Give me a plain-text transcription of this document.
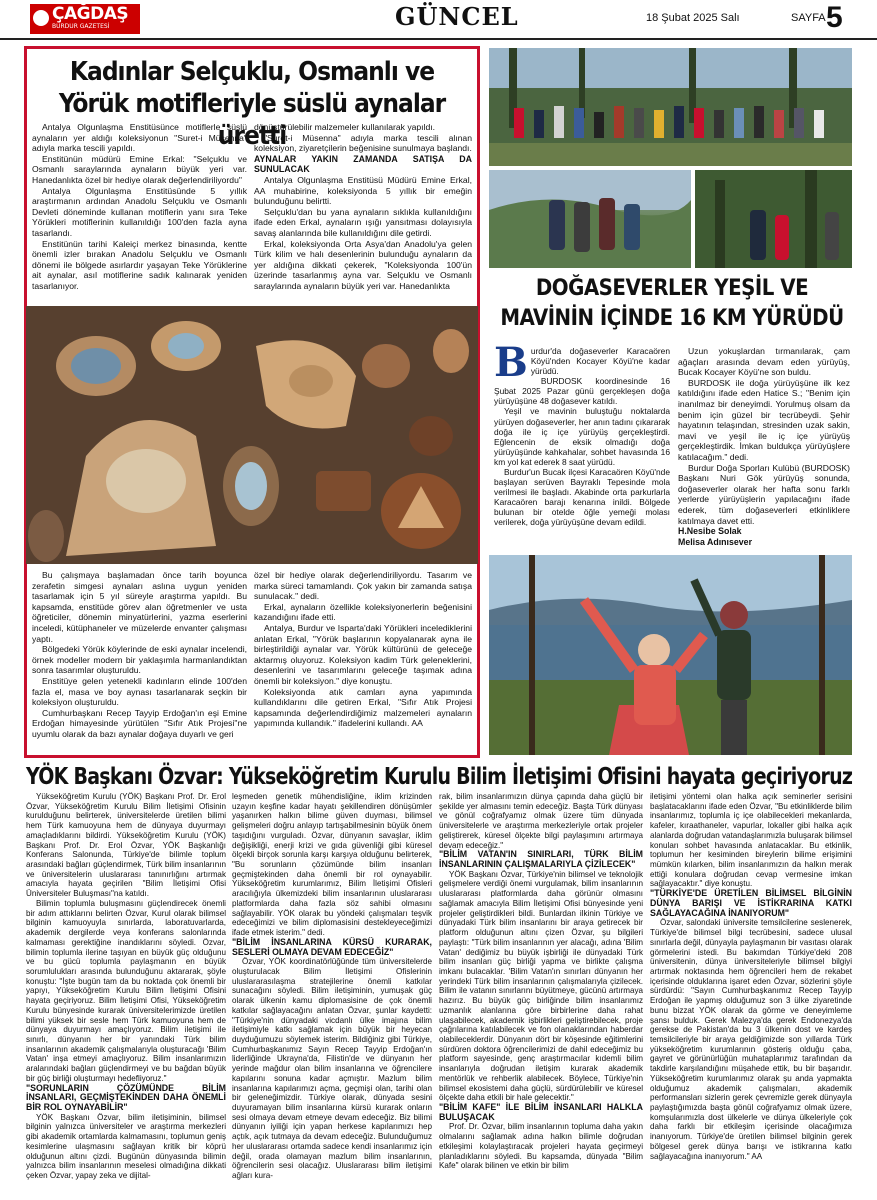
ÇAĞDAŞ
BURDUR GAZETESİ	GÜNCEL	18 Şubat 2025 Salı	SAYFA 5
Kadınlar Selçuklu, Osmanlı ve Yörük motifleriyle süslü aynalar üretti

Antalya Olgunlaşma Enstitüsünce motiflerle süslü aynaların yer aldığı koleksiyonun "Suret-i Müsenna" adıyla marka tescili yapıldı.

Enstitünün müdürü Emine Erkal: "Selçuklu ve Osmanlı saraylarında aynaların büyük yeri var. Hanedanlıkta özel bir hediye olarak değerlendiriliyordu"

Antalya Olgunlaşma Enstitüsünde 5 yıllık araştırmanın ardından Anadolu Selçuklu ve Osmanlı Devleti döneminde kullanan motiflerin yanı sıra Teke Yörükleri motiflerinin kullanıldığı 100'den fazla ayna tasarlandı.

Enstitünün tarihi Kaleiçi merkez binasında, kentte önemli izler bırakan Anadolu Selçuklu ve Osmanlı dönemi ile bölgede asırlardır yaşayan Teke Yörüklerine ait aynalar, asıl motiflerine sadık kalınarak yeniden tasarlanıyor.

dönüştürülebilir malzemeler kullanılarak yapıldı.

"Suret-i Müsenna" adıyla marka tescili alınan koleksiyon, ziyaretçilerin beğenisine sunulmaya başlandı.

AYNALAR YAKIN ZAMANDA SATIŞA DA SUNULACAK

Antalya Olgunlaşma Enstitüsü Müdürü Emine Erkal, AA muhabirine, koleksiyonda 5 yıllık bir emeğin bulunduğunu belirtti.

Selçuklu'dan bu yana aynaların sıklıkla kullanıldığını ifade eden Erkal, aynaların ışığı yansıtması dolayısıyla savaş alanlarında bile kullanıldığını dile getirdi.

Erkal, koleksiyonda Orta Asya'dan Anadolu'ya gelen Türk kilim ve halı desenlerinin bulunduğu aynaların da yer aldığına dikkati çekerek, "Koleksiyonda 100'ün üzerinde tasarlanmış ayna var. Selçuklu ve Osmanlı saraylarında aynaların büyük yeri var. Hanedanlıkta

Bu çalışmaya başlamadan önce tarih boyunca zerafetin simgesi aynaları aslına uygun yeniden tasarlamak için 5 yıl süreyle araştırma yapıldı. Bu kapsamda, enstitüde görev alan öğretmenler ve usta öğreticiler, dönemin minyatürlerini, yazma eserlerini inceledi, kütüphaneler ve müzelerde envanter çalışması yaptı.

Bölgedeki Yörük köylerinde de eski aynalar incelendi, örnek modeller modern bir yaklaşımla harmanlandıktan sonra tasarımlar oluşturuldu.

Enstitüye gelen yetenekli kadınların elinde 100'den fazla el, masa ve boy aynası tasarlanarak seçkin bir koleksiyon oluşturuldu.

Cumhurbaşkanı Recep Tayyip Erdoğan'ın eşi Emine Erdoğan himayesinde yürütülen "Sıfır Atık Projesi"ne uyumlu olarak da bazı aynalar doğaya duyarlı ve geri

özel bir hediye olarak değerlendiriliyordu. Tasarım ve marka süreci tamamlandı. Çok yakın bir zamanda satışa sunulacak." dedi.

Erkal, aynaların özellikle koleksiyonerlerin beğenisini kazandığını ifade etti.

Antalya, Burdur ve Isparta'daki Yörükleri incelediklerini anlatan Erkal, "Yörük başlarının kopyalanarak ayna ile birleştirildiği aynalar var. Yörük kültürünü de geleceğe aktarmış oluyoruz. Koleksiyon kadim Türk geleneklerini, desenlerini ve tasarımlarını geleceğe taşımak adına önemli bir koleksiyon." diye konuştu.

Koleksiyonda atık camları ayna yapımında kullandıklarını dile getiren Erkal, "Sıfır Atık Projesi kapsamında değerlendirdiğimiz malzemeleri aynaların yapımında kullandık." ifadelerini kullandı. AA

DOĞASEVERLER YEŞİL VE MAVİNİN İÇİNDE 16 KM YÜRÜDÜ

Burdur'da doğaseverler Karacaören Köyü'nden Kocayer Köyü'ne kadar yürüdü.

BURDOSK koordinesinde 16 Şubat 2025 Pazar günü gerçekleşen doğa yürüyüşüne 48 doğasever katıldı.

Yeşil ve mavinin buluştuğu noktalarda yürüyen doğaseverler, her anın tadını çıkararak doğa ile iç içe yürüyüş gerçekleştirdi. Eğlencenin de eksik olmadığı doğa yürüyüşünde kahkahalar, sohbet havasında 16 km yol kat ederek 8 saat yürüdü.

Burdur'un Bucak ilçesi Karacaören Köyü'nde başlayan serüven Bayraklı Tepesinde mola verilmesi ile başladı. Akabinde orta parkurlarla Karacaören barajı kenarına inildi. Bölgede bulunan bir otelde öğle yemeği molası verilerek, doğa yürüyüşüne devam edildi.

Uzun yokuşlardan tırmanılarak, çam ağaçları arasında devam eden yürüyüş, Bucak Kocayer Köyü'ne son buldu.

BURDOSK ile doğa yürüyüşüne ilk kez katıldığını ifade eden Hatice S.; "Benim için inanılmaz bir deneyimdi. Yorulmuş olsam da benim için güzel bir tecrübeydi. Şehir hayatının telaşından, stresinden uzak sakin, mavi ve yeşil ile iç içe yürüyüş gerçekleştirdik. İmkan buldukça yürüyüşlere katılacağım." dedi.

Burdur Doğa Sporları Kulübü (BURDOSK) Başkanı Nuri Gök yürüyüş sonunda, doğaseverler olarak her hafta sonu farklı yerlerde yürüyüşlerin yapılacağını ifade ederek, tüm doğaseverleri etkinliklere katılmaya davet etti.

H.Nesibe Solak
Melisa Adınısever
YÖK Başkanı Özvar: Yükseköğretim Kurulu Bilim İletişimi Ofisini hayata geçiriyoruz

Yükseköğretim Kurulu (YÖK) Başkanı Prof. Dr. Erol Özvar, Yükseköğretim Kurulu Bilim İletişimi Ofisinin kurulduğunu belirterek, üniversitelerde üretilen bilimi hem Türk kamuoyuna hem de dünyaya duyurmayı amaçladıklarını bildirdi. Yükseköğretim Kurulu (YÖK) Başkanı Prof. Dr. Erol Özvar, YÖK Başkanlığı Konferans Salonunda, Türkiye'de bilimle toplum arasındaki bağları güçlendirmek, Türk bilim insanlarının ve üniversitelerin uluslararası tanınırlığını artırmak amacıyla hayata geçirilen "Bilim İletişimi Ofisi Üniversiteler Buluşması"na katıldı.

Bilimin toplumla buluşmasını güçlendirecek önemli bir adım attıklarını belirten Özvar, Kurul olarak bilimsel bilginin kamuoyuyla sınırlarda, laboratuvarlarda, akademik dergilerde veya konferans salonlarında kalmaması gerektiğine inandıklarını söyledi. Özvar, bilimin toplumla ilerine taşıyan en büyük güç olduğunu ve bu gücü toplumla paylaşmanın en büyük sorumlulukları arasında bulunduğunu aktararak, şöyle konuştu: "İşte bugün tam da bu noktada çok önemli bir yapıyı, Yükseköğretim Kurulu Bilim İletişimi Ofisini hayata geçiriyoruz. Bilim İletişimi Ofisi, Yükseköğretim Kurulu bünyesinde kurarak üniversitelerimizde üretilen bilimi yüksek bir sesle hem Türk kamuoyuna hem de dünyaya duyurmayı amaçlıyoruz. Bilim iletişimi ile sınırlı, dünyanın her bir yanındaki Türk bilim insanlarının akademik çalışmalarıyla oluşturacağı 'Bilim Vatan' inşa etmeyi amaçlıyoruz. Bilim insanlarımızın aralarındaki bağları güçlendirmeyi ve bu bağdan büyük bir güç birliği oluşturmayı hedefliyoruz."

"SORUNLARIN ÇÖZÜMÜNDE BİLİM İNSANLARI, GEÇMİŞTEKİNDEN DAHA ÖNEMLİ BİR ROL OYNAYABİLİR"

YÖK Başkanı Özvar, bilim iletişiminin, bilimsel bilginin yalnızca üniversiteler ve araştırma merkezleri gibi akademik ortamlarda kalmamasını, toplumun geniş kesimlerine ulaşmasını sağlayan kritik bir köprü olduğunun altını çizdi. Bugünün dünyasında bilimin yalnızca bilim insanlarının meselesi olmadığına dikkati çeken Özvar, yapay zeka ve dijital-

leşmeden genetik mühendisliğine, iklim krizinden uzayın keşfine kadar hayatı şekillendiren dönüşümler yaşanırken halkın bilime güven duyması, bilimsel gelişmeleri doğru anlayıp tartışabilmesinin büyük önem taşıdığını vurguladı. Özvar, dünyanın savaşlar, iklim değişikliği, enerji krizi ve gıda güvenliği gibi küresel ölçekli birçok sorunla karşı karşıya olduğunu belirterek, "Bu sorunların çözümünde bilim insanları geçmiştekinden daha önemli bir rol oynayabilir. Yükseköğretim kurumlarımız, Bilim İletişimi Ofisleri aracılığıyla ülkemizdeki bilim insanlarının uluslararası platformlarda daha fazla söz sahibi olmasını sağlayabilir. YÖK olarak bu yöndeki çalışmaları teşvik edeceğimizi ve bilim diplomasisini destekleyeceğimizi ifade etmek isterim." dedi.

"BİLİM İNSANLARINA KÜRSÜ KURARAK, SESLERİ OLMAYA DEVAM EDECEĞİZ"

Özvar, YÖK koordinatörlüğünde tüm üniversitelerde oluşturulacak Bilim İletişimi Ofislerinin uluslararasılaşma stratejilerine önemli katkılar sunacağını söyledi. Bilim iletişiminin, yumuşak güç olarak ülkenin kamu diplomasisine de çok önemli katkılar sağlayacağını anlatan Özvar, şunlar kaydetti: "Türkiye'nin dünyadaki vicdanlı ülke imajına bilim iletişimiyle katkı sağlamak için büyük bir heyecan duyduğumuzu söylemek isterim. Bildiğiniz gibi Türkiye, Cumhurbaşkanımız Sayın Recep Tayyip Erdoğan'ın liderliğinde Ukrayna'da, Filistin'de ve dünyanın her yerinde mağdur olan bilim insanlarına ve öğrencilere kapılarını sonuna kadar açmıştır. Mazlum bilim insanlarına kapılarımızı açma, geçmişi olan, tarihi olan bir geleneğimizdir. Türkiye olarak, dünyada sesini duyuramayan bilim insanlarına kürsü kurarak onların sesi olmaya devam etmeye devam edeceğiz. Biz bilimi dünyanın iyiliği için yapan herkese kapılarımızı hep açtık, açık tutmaya da devam edeceğiz. Bulunduğumuz her uluslararası ortamda sadece kendi insanlarımız için değil, orada olamayan mazlum bilim insanlarının, öğrencilerin sesi olacağız. Uluslararası bilim iletişimi ağları kura-

rak, bilim insanlarımızın dünya çapında daha güçlü bir şekilde yer almasını temin edeceğiz. Başta Türk dünyası ve gönül coğrafyamız olmak üzere tüm dünyada üniversitelerle ve araştırma merkezleriyle ortak projeler geliştirerek, küresel ölçekte bilgi paylaşımını artırmaya devam edeceğiz."

"BİLİM VATAN'IN SINIRLARI, TÜRK BİLİM İNSANLARININ ÇALIŞMALARIYLA ÇİZİLECEK"

YÖK Başkanı Özvar, Türkiye'nin bilimsel ve teknolojik gelişmelere verdiği önemi vurgulamak, bilim insanlarının uluslararası platformlarda daha görünür olmasını sağlamak amacıyla Bilim İletişimi Ofisi bünyesinde yeni projeler geliştirdikleri bildi. Bunlardan ilkinin Türkiye ve dünyadaki Türk bilim insanlarını bir araya getirecek bir platform olduğunun altını çizen Özvar, şu bilgileri paylaştı: "Türk bilim insanlarının yer alacağı, adına 'Bilim Vatan' dediğimiz bu büyük işbirliği ile dünyadaki Türk bilim insanları güç birliği yapma ve birlikte çalışma imkanı bulacaklar. 'Bilim Vatan'ın sınırları dünyanın her yerindeki Türk bilim insanlarının çalışmalarıyla çizilecek. Bilim ile vatanın sınırlarını büyütmeye, gücünü artırmaya hazırız. Bu büyük güç birliğinde bilim insanlarımız uzmanlık alanlarına göre birbirlerine daha rahat ulaşabilecek, akademik işbirlikleri geliştirebilecek, proje çağrılarına katılabilecek ve fon olanaklarından haberdar olabileceklerdir. Dünyanın dört bir köşesinde eğitimlerini sürdüren doktora öğrencilerimizi de dahil edeceğimiz bu platform sayesinde, genç araştırmacılar kıdemli bilim insanlarıyla doğrudan iletişim kurarak akademik mentörlük ve rehberlik alabilecek. Böylece, Türkiye'nin bilimsel ekosistemi daha güçlü, sürdürülebilir ve küresel ölçekte daha etkili bir hale gelecektir."

"BİLİM KAFE" İLE BİLİM İNSANLARI HALKLA BULUŞACAK

Prof. Dr. Özvar, bilim insanlarının topluma daha yakın olmalarını sağlamak adına halkın bilimle doğrudan etkileşimi kolaylaştıracak projeleri hayata geçirmeyi planladıklarını söyledi. Bu kapsamda, dünyada "Bilim Kafe" olarak bilinen ve etkin bir bilim

iletişimi yöntemi olan halka açık seminerler serisini başlatacaklarını ifade eden Özvar, "Bu etkinliklerde bilim insanlarımız, toplumla iç içe olabilecekleri mekanlarda, kafeler, kıraathaneler, vapurlar, lokaller gibi halka açık alanlarda doğrudan vatandaşlarımızla buluşarak bilimsel konuları sohbet havasında anlatacaklar. Bu etkinlik, toplumun her kesiminden bireylerin bilime erişimini mümkün kılarken, bilim insanlarımızın da halkın merak ettiği konulara doğrudan cevap vermesine imkan sağlayacaktır." diye konuştu.

"TÜRKİYE'DE ÜRETİLEN BİLİMSEL BİLGİNİN DÜNYA BARIŞI VE İSTİKRARINA KATKI SAĞLAYACAĞINA İNANIYORUM"

Özvar, salondaki üniversite temsilcilerine seslenerek, Türkiye'de bilimsel bilgi tecrübesini, sadece ulusal sınırlarla değil, dünyayla paylaşmanın bir vasıtası olarak görmelerini istedi. Bu bakımdan Türkiye'deki 208 üniversitenin, dünya üniversiteleriyle bilimsel bilgiyi artırmak noktasında hem öğrencileri hem de rekabet içerisinde olduklarına işaret eden Özvar, sözlerini şöyle sürdürdü: "Sayın Cumhurbaşkanımız Recep Tayyip Erdoğan ile yapmış olduğumuz son 3 ülke ziyaretinde bunu bizzat YÖK olarak da görme ve deneyimleme şansı bulduk. Gerek Malezya'da gerek Endonezya'da gerekse de Pakistan'da bu 3 ülkenin dost ve kardeş temsilcileriyle bir araya geldiğimizde son yıllarda Türk yükseköğretim kurumlarının gösteriş olduğu çaba, gayret ve görünürlüğün muhataplarımız tarafından da takdirle karşılandığını müşahede ettik, bu bir başarıdır. Yükseköğretim kurumlarımız olarak şu anda yapmakta olduğumuz akademik çalışmaları, akademik performansları sizlerin gerek çevremizle gerek dünyayla paylaştığımızda başta gönül coğrafyamız olmak üzere, komşularımızla dost ülkelerle ve dünya ülkeleriyle çok daha farklı bir etkileşim içerisinde olacağımıza inanıyorum. Türkiye'de üretilen bilimsel bilginin gerek bölgesel gerek dünya barışı ve istikrarına katkı sağlayacağına inanıyorum." AA
